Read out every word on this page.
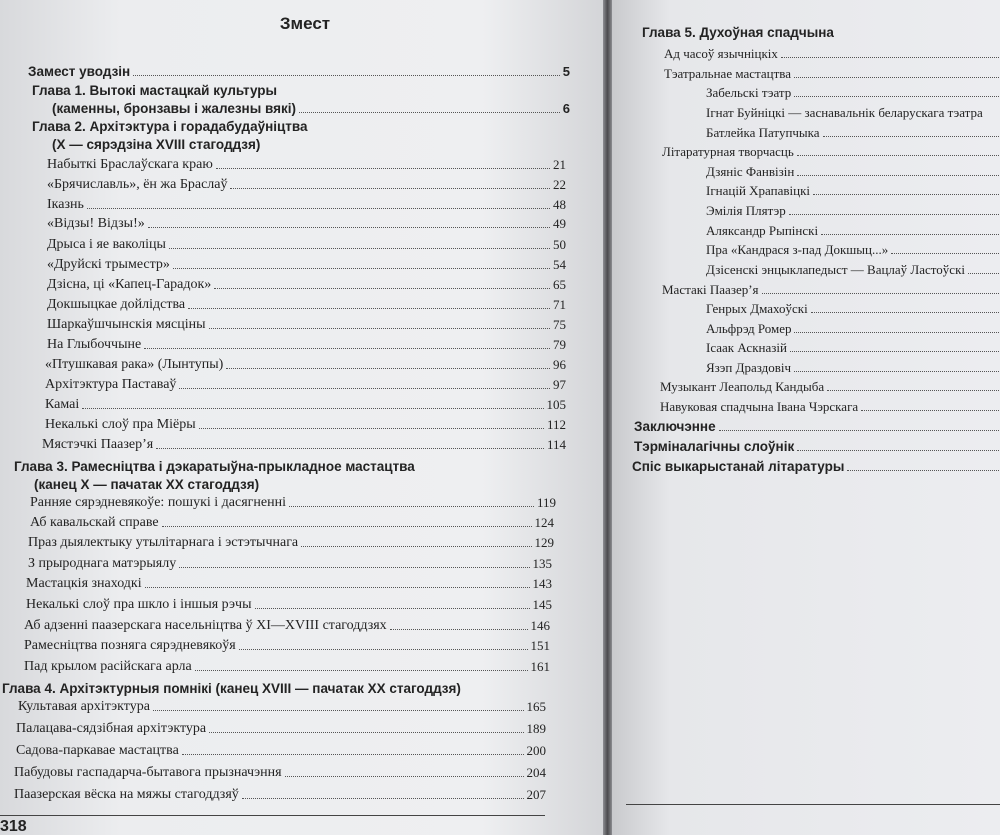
Змест
Замест уводзін	5
Глава 1. Вытокі мастацкай культуры
(каменны, бронзавы і жалезны вякі)	6
Глава 2. Архітэктура і горадабудаўніцтва
(Х — сярэдзіна XVIII стагоддзя)
Набыткі Браслаўскага краю	21
«Брячиславль», ён жа Браслаў	22
Іказнь	48
«Відзы! Відзы!»	49
Дрыса і яе ваколіцы	50
«Друйскі трыместр»	54
Дзісна, ці «Капец-Гарадок»	65
Докшыцкае дойлідства	71
Шаркаўшчынскія мясціны	75
На Глыбоччыне	79
«Птушкавая рака» (Лынтупы)	96
Архітэктура Паставаў	97
Камаі	105
Некалькі слоў пра Міёры	112
Мястэчкі Паазер’я	114
Глава 3. Рамесніцтва і дэкаратыўна-прыкладное мастацтва
(канец Х — пачатак ХХ стагоддзя)
Ранняе сярэдневякоўе: пошукі і дасягненні	119
Аб кавальскай справе	124
Праз дыялектыку утылітарнага і эстэтычнага	129
З прыроднага матэрыялу	135
Мастацкія знаходкі	143
Некалькі слоў пра шкло і іншыя рэчы	145
Аб адзенні паазерскага насельніцтва ў XI—XVIII стагоддзях	146
Рамесніцтва позняга сярэдневякоўя	151
Пад крылом расійскага арла	161
Глава 4. Архітэктурныя помнікі (канец XVIII — пачатак ХХ стагоддзя)
Культавая архітэктура	165
Палацава-сядзібная архітэктура	189
Садова-паркавае мастацтва	200
Пабудовы гаспадарча-бытавога прызначэння	204
Паазерская вёска на мяжы стагоддзяў	207
318
Глава 5. Духоўная спадчына
Ад часоў язычніцкіх
Тэатральнае мастацтва
Забельскі тэатр
Ігнат Буйніцкі — заснавальнік беларускага тэатра
Батлейка Патупчыка
Літаратурная творчасць
Дзяніс Фанвізін
Ігнацій Храпавіцкі
Эмілія Плятэр
Аляксандр Рыпінскі
Пра «Кандрася з-пад Докшыц...»
Дзісенскі энцыклапедыст — Вацлаў Ластоўскі
Мастакі Паазер’я
Генрых Дмахоўскі
Альфрэд Ромер
Ісаак Аскназій
Язэп Драздовіч
Музыкант Леапольд Кандыба
Навуковая спадчына Івана Чэрскага
Заключэнне
Тэрміналагічны слоўнік
Спіс выкарыстанай літаратуры
